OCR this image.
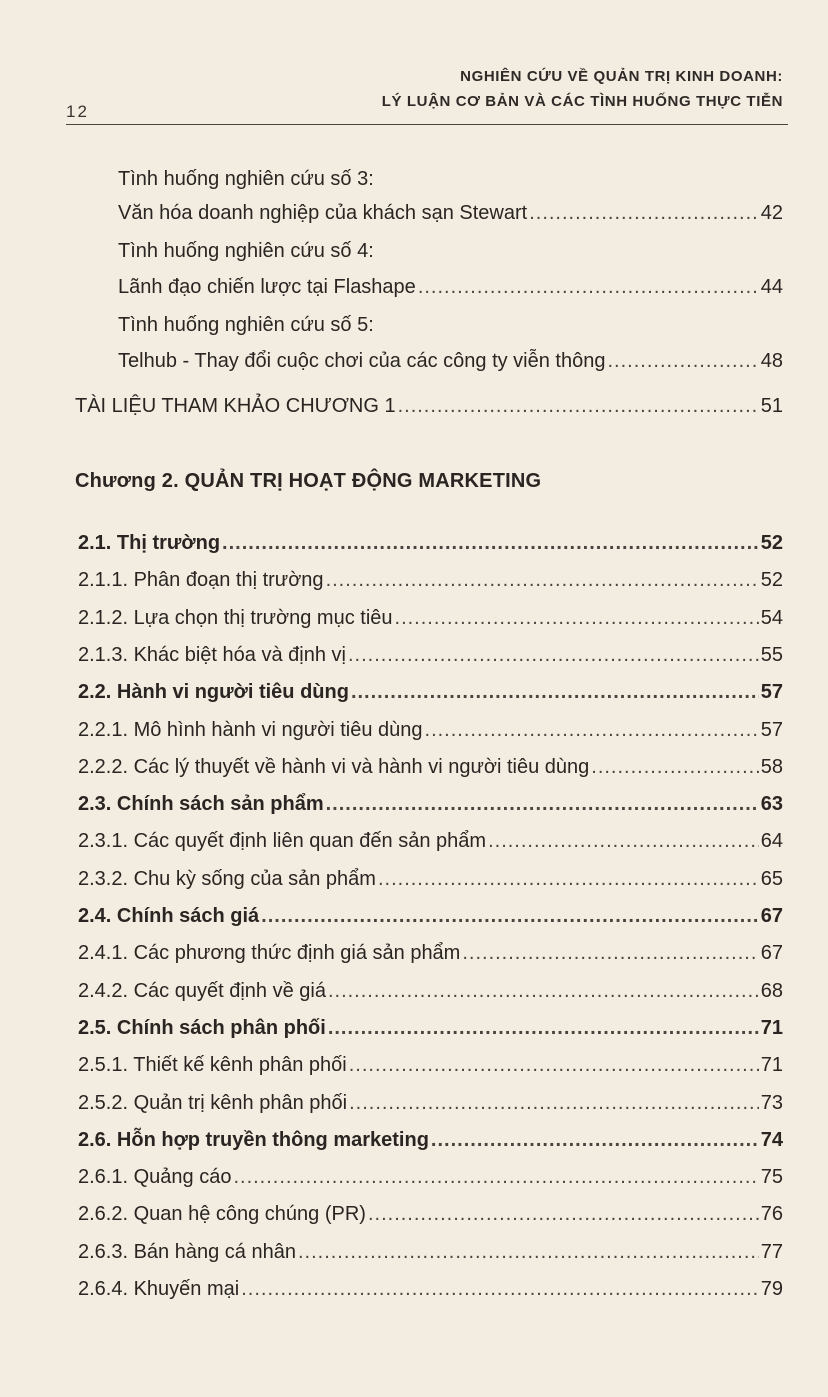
12
NGHIÊN CỨU VỀ QUẢN TRỊ KINH DOANH:
LÝ LUẬN CƠ BẢN VÀ CÁC TÌNH HUỐNG THỰC TIỄN
Tình huống nghiên cứu số 3:
Văn hóa doanh nghiệp của khách sạn Stewart .....	42
Tình huống nghiên cứu số 4:
Lãnh đạo chiến lược tại Flashape .....	44
Tình huống nghiên cứu số 5:
Telhub - Thay đổi cuộc chơi của các công ty viễn thông .....	48
TÀI LIỆU THAM KHẢO CHƯƠNG 1 .....	51
Chương 2. QUẢN TRỊ HOẠT ĐỘNG MARKETING
2.1. Thị trường .....	52
2.1.1. Phân đoạn thị trường .....	52
2.1.2. Lựa chọn thị trường mục tiêu .....	54
2.1.3. Khác biệt hóa và định vị .....	55
2.2. Hành vi người tiêu dùng .....	57
2.2.1. Mô hình hành vi người tiêu dùng .....	57
2.2.2. Các lý thuyết về hành vi và hành vi người tiêu dùng .....	58
2.3. Chính sách sản phẩm .....	63
2.3.1. Các quyết định liên quan đến sản phẩm .....	64
2.3.2. Chu kỳ sống của sản phẩm .....	65
2.4. Chính sách giá .....	67
2.4.1. Các phương thức định giá sản phẩm .....	67
2.4.2. Các quyết định về giá .....	68
2.5. Chính sách phân phối .....	71
2.5.1. Thiết kế kênh phân phối .....	71
2.5.2. Quản trị kênh phân phối .....	73
2.6. Hỗn hợp truyền thông marketing .....	74
2.6.1. Quảng cáo .....	75
2.6.2. Quan hệ công chúng (PR) .....	76
2.6.3. Bán hàng cá nhân .....	77
2.6.4. Khuyến mại .....	79
